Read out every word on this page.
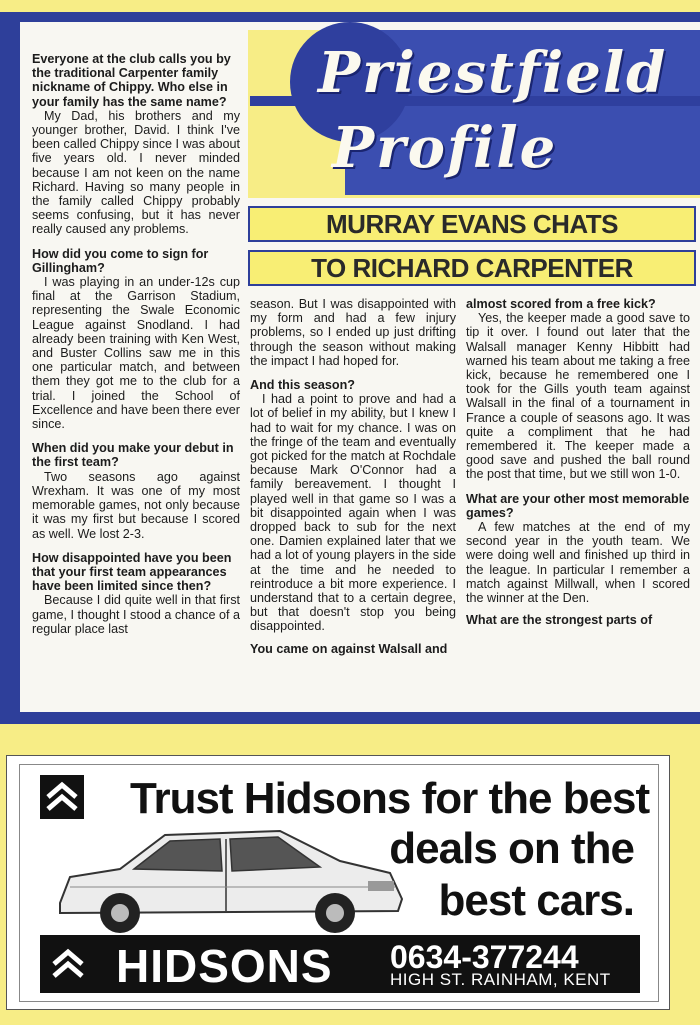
Priestfield
Profile
MURRAY EVANS CHATS
TO RICHARD CARPENTER
Everyone at the club calls you by the traditional Carpenter family nickname of Chippy. Who else in your family has the same name?

My Dad, his brothers and my younger brother, David. I think I've been called Chippy since I was about five years old. I never minded because I am not keen on the name Richard. Having so many people in the family called Chippy probably seems confusing, but it has never really caused any problems.

How did you come to sign for Gillingham?

I was playing in an under-12s cup final at the Garrison Stadium, representing the Swale Economic League against Snodland. I had already been training with Ken West, and Buster Collins saw me in this one particular match, and between them they got me to the club for a trial. I joined the School of Excellence and have been there ever since.

When did you make your debut in the first team?

Two seasons ago against Wrexham. It was one of my most memorable games, not only because it was my first but because I scored as well. We lost 2-3.

How disappointed have you been that your first team appearances have been limited since then?

Because I did quite well in that first game, I thought I stood a chance of a regular place last

season. But I was disappointed with my form and had a few injury problems, so I ended up just drifting through the season without making the impact I had hoped for.

And this season?

I had a point to prove and had a lot of belief in my ability, but I knew I had to wait for my chance. I was on the fringe of the team and eventually got picked for the match at Rochdale because Mark O'Connor had a family bereavement. I thought I played well in that game so I was a bit disappointed again when I was dropped back to sub for the next one. Damien explained later that we had a lot of young players in the side at the time and he needed to reintroduce a bit more experience. I understand that to a certain degree, but that doesn't stop you being disappointed.

You came on against Walsall and
almost scored from a free kick?

Yes, the keeper made a good save to tip it over. I found out later that the Walsall manager Kenny Hibbitt had warned his team about me taking a free kick, because he remembered one I took for the Gills youth team against Walsall in the final of a tournament in France a couple of seasons ago. It was quite a compliment that he had remembered it. The keeper made a good save and pushed the ball round the post that time, but we still won 1-0.

What are your other most memorable games?

A few matches at the end of my second year in the youth team. We were doing well and finished up third in the league. In particular I remember a match against Millwall, when I scored the winner at the Den.

What are the strongest parts of
Trust Hidsons for the best
deals on the
best cars.
HIDSONS 0634-377244
HIGH ST. RAINHAM, KENT
